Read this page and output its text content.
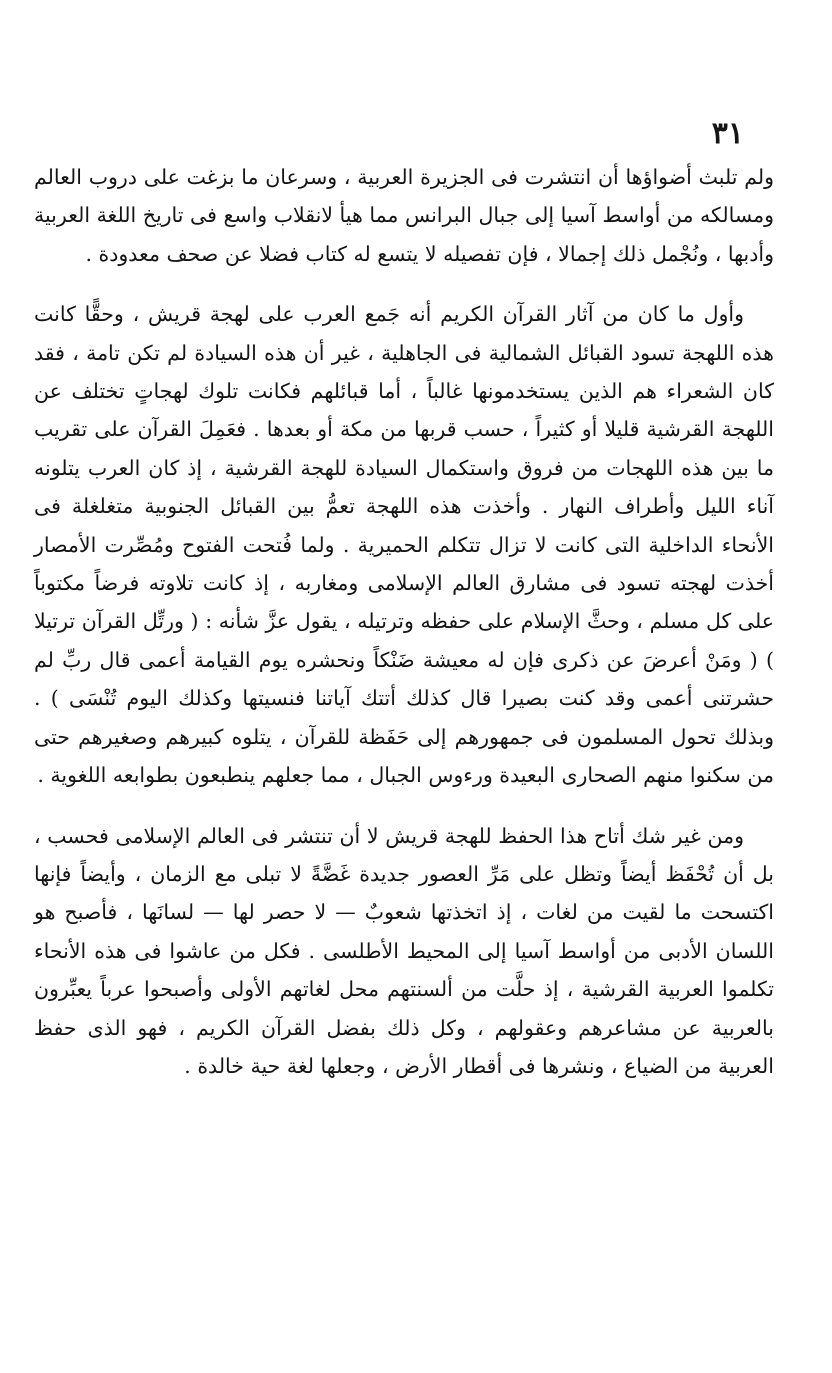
٣١

ولم تلبث أضواؤها أن انتشرت فى الجزيرة العربية ، وسرعان ما بزغت على دروب العالم ومسالكه من أواسط آسيا إلى جبال البرانس مما هيأ لانقلاب واسع فى تاريخ اللغة العربية وأدبها ، ونُجْمل ذلك إجمالا ، فإن تفصيله لا يتسع له كتاب فضلا عن صحف معدودة .

وأول ما كان من آثار القرآن الكريم أنه جَمع العرب على لهجة قريش ، وحقًّا كانت هذه اللهجة تسود القبائل الشمالية فى الجاهلية ، غير أن هذه السيادة لم تكن تامة ، فقد كان الشعراء هم الذين يستخدمونها غالباً ، أما قبائلهم فكانت تلوك لهجاتٍ تختلف عن اللهجة القرشية قليلا أو كثيراً ، حسب قربها من مكة أو بعدها . فعَمِلَ القرآن على تقريب ما بين هذه اللهجات من فروق واستكمال السيادة للهجة القرشية ، إذ كان العرب يتلونه آناء الليل وأطراف النهار . وأخذت هذه اللهجة تعمُّ بين القبائل الجنوبية متغلغلة فى الأنحاء الداخلية التى كانت لا تزال تتكلم الحميرية . ولما فُتحت الفتوح ومُصِّرت الأمصار أخذت لهجته تسود فى مشارق العالم الإسلامى ومغاربه ، إذ كانت تلاوته فرضاً مكتوباً على كل مسلم ، وحثَّ الإسلام على حفظه وترتيله ، يقول عزَّ شأنه : ( ورتِّل القرآن ترتيلا ) ( ومَنْ أعرضَ عن ذكرى فإن له معيشة ضَنْكاً ونحشره يوم القيامة أعمى قال ربِّ لم حشرتنى أعمى وقد كنت بصيرا قال كذلك أتتك آياتنا فنسيتها وكذلك اليوم تُنْسَى ) . وبذلك تحول المسلمون فى جمهورهم إلى حَفَظة للقرآن ، يتلوه كبيرهم وصغيرهم حتى من سكنوا منهم الصحارى البعيدة ورءوس الجبال ، مما جعلهم ينطبعون بطوابعه اللغوية .

ومن غير شك أتاح هذا الحفظ للهجة قريش لا أن تنتشر فى العالم الإسلامى فحسب ، بل أن تُحْفَظ أيضاً وتظل على مَرِّ العصور جديدة غَضَّةً لا تبلى مع الزمان ، وأيضاً فإنها اكتسحت ما لقيت من لغات ، إذ اتخذتها شعوبٌ — لا حصر لها — لسانَها ، فأصبح هو اللسان الأدبى من أواسط آسيا إلى المحيط الأطلسى . فكل من عاشوا فى هذه الأنحاء تكلموا العربية القرشية ، إذ حلَّت من ألسنتهم محل لغاتهم الأولى وأصبحوا عرباً يعبِّرون بالعربية عن مشاعرهم وعقولهم ، وكل ذلك بفضل القرآن الكريم ، فهو الذى حفظ العربية من الضياع ، ونشرها فى أقطار الأرض ، وجعلها لغة حية خالدة .
